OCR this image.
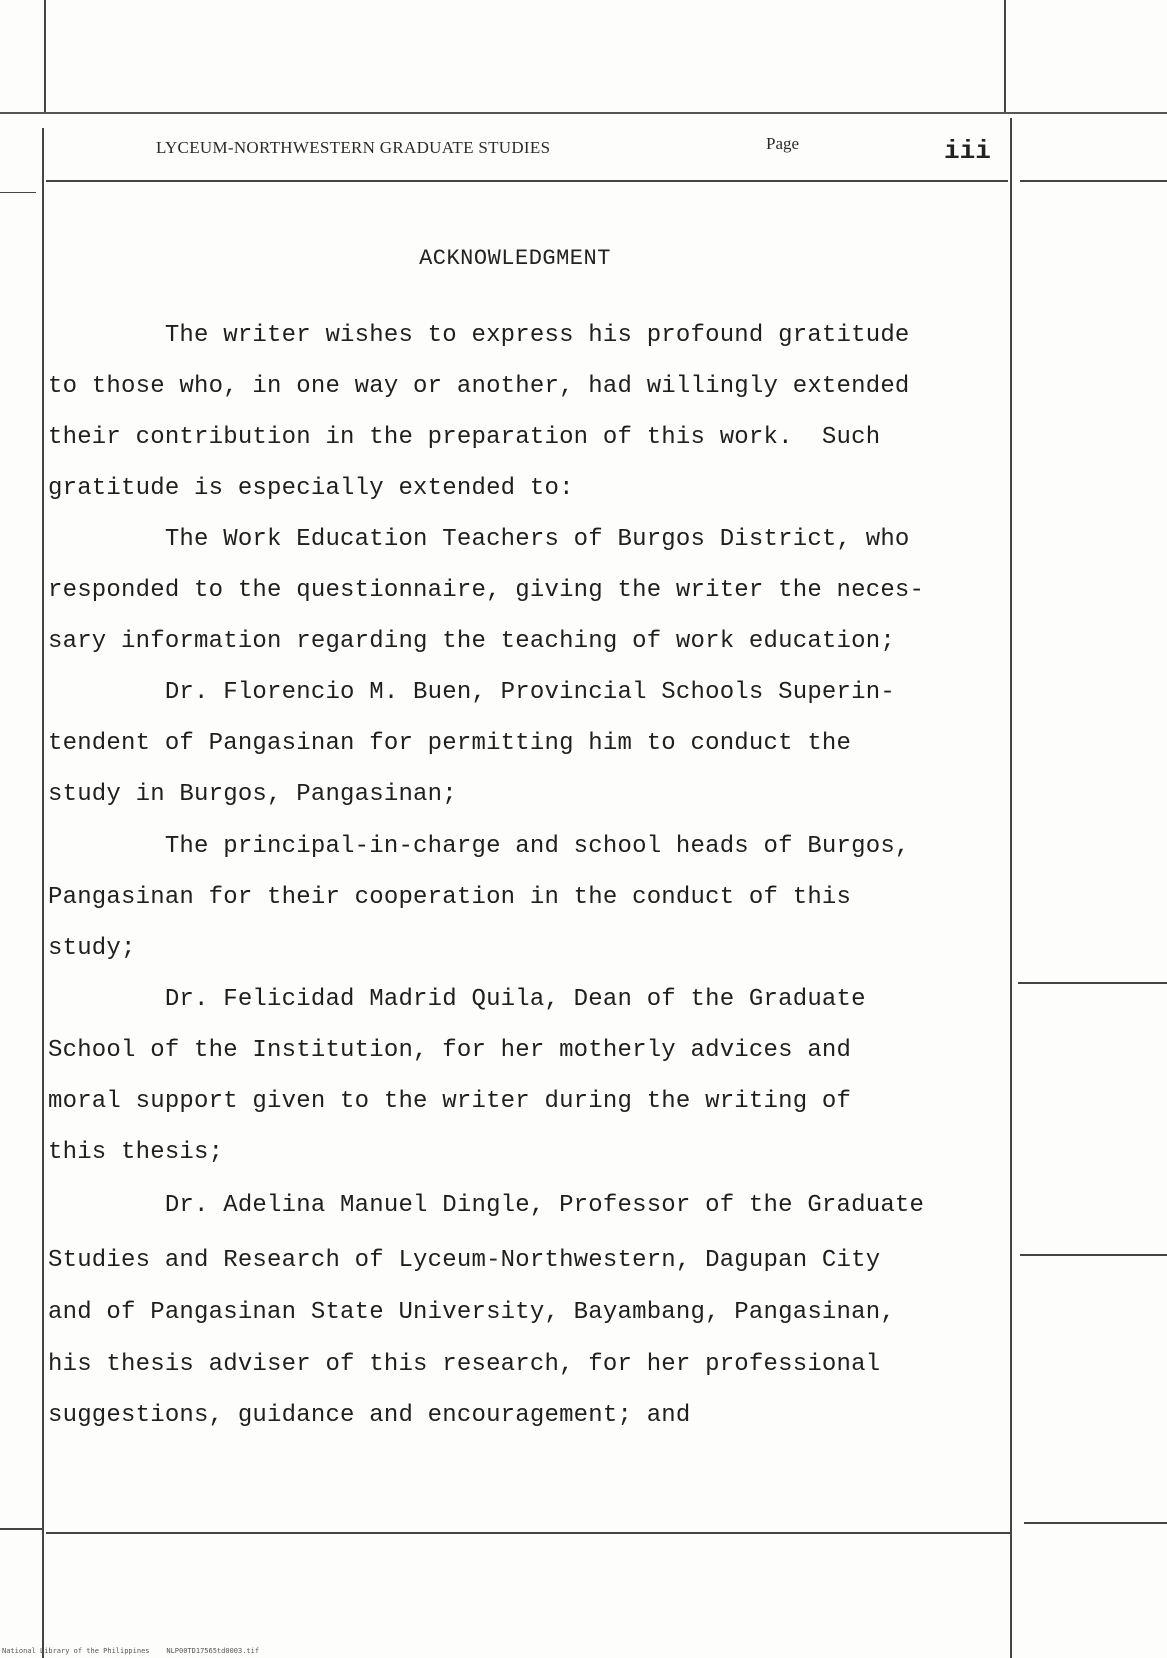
LYCEUM-NORTHWESTERN GRADUATE STUDIES	Page	iii
ACKNOWLEDGMENT
The writer wishes to express his profound gratitude
to those who, in one way or another, had willingly extended
their contribution in the preparation of this work.  Such
gratitude is especially extended to:
The Work Education Teachers of Burgos District, who
responded to the questionnaire, giving the writer the neces-
sary information regarding the teaching of work education;
Dr. Florencio M. Buen, Provincial Schools Superin-
tendent of Pangasinan for permitting him to conduct the
study in Burgos, Pangasinan;
The principal-in-charge and school heads of Burgos,
Pangasinan for their cooperation in the conduct of this
study;
Dr. Felicidad Madrid Quila, Dean of the Graduate
School of the Institution, for her motherly advices and
moral support given to the writer during the writing of
this thesis;
Dr. Adelina Manuel Dingle, Professor of the Graduate
Studies and Research of Lyceum-Northwestern, Dagupan City
and of Pangasinan State University, Bayambang, Pangasinan,
his thesis adviser of this research, for her professional
suggestions, guidance and encouragement; and
National Library of the Philippines    NLP00TD17565td0003.tif
